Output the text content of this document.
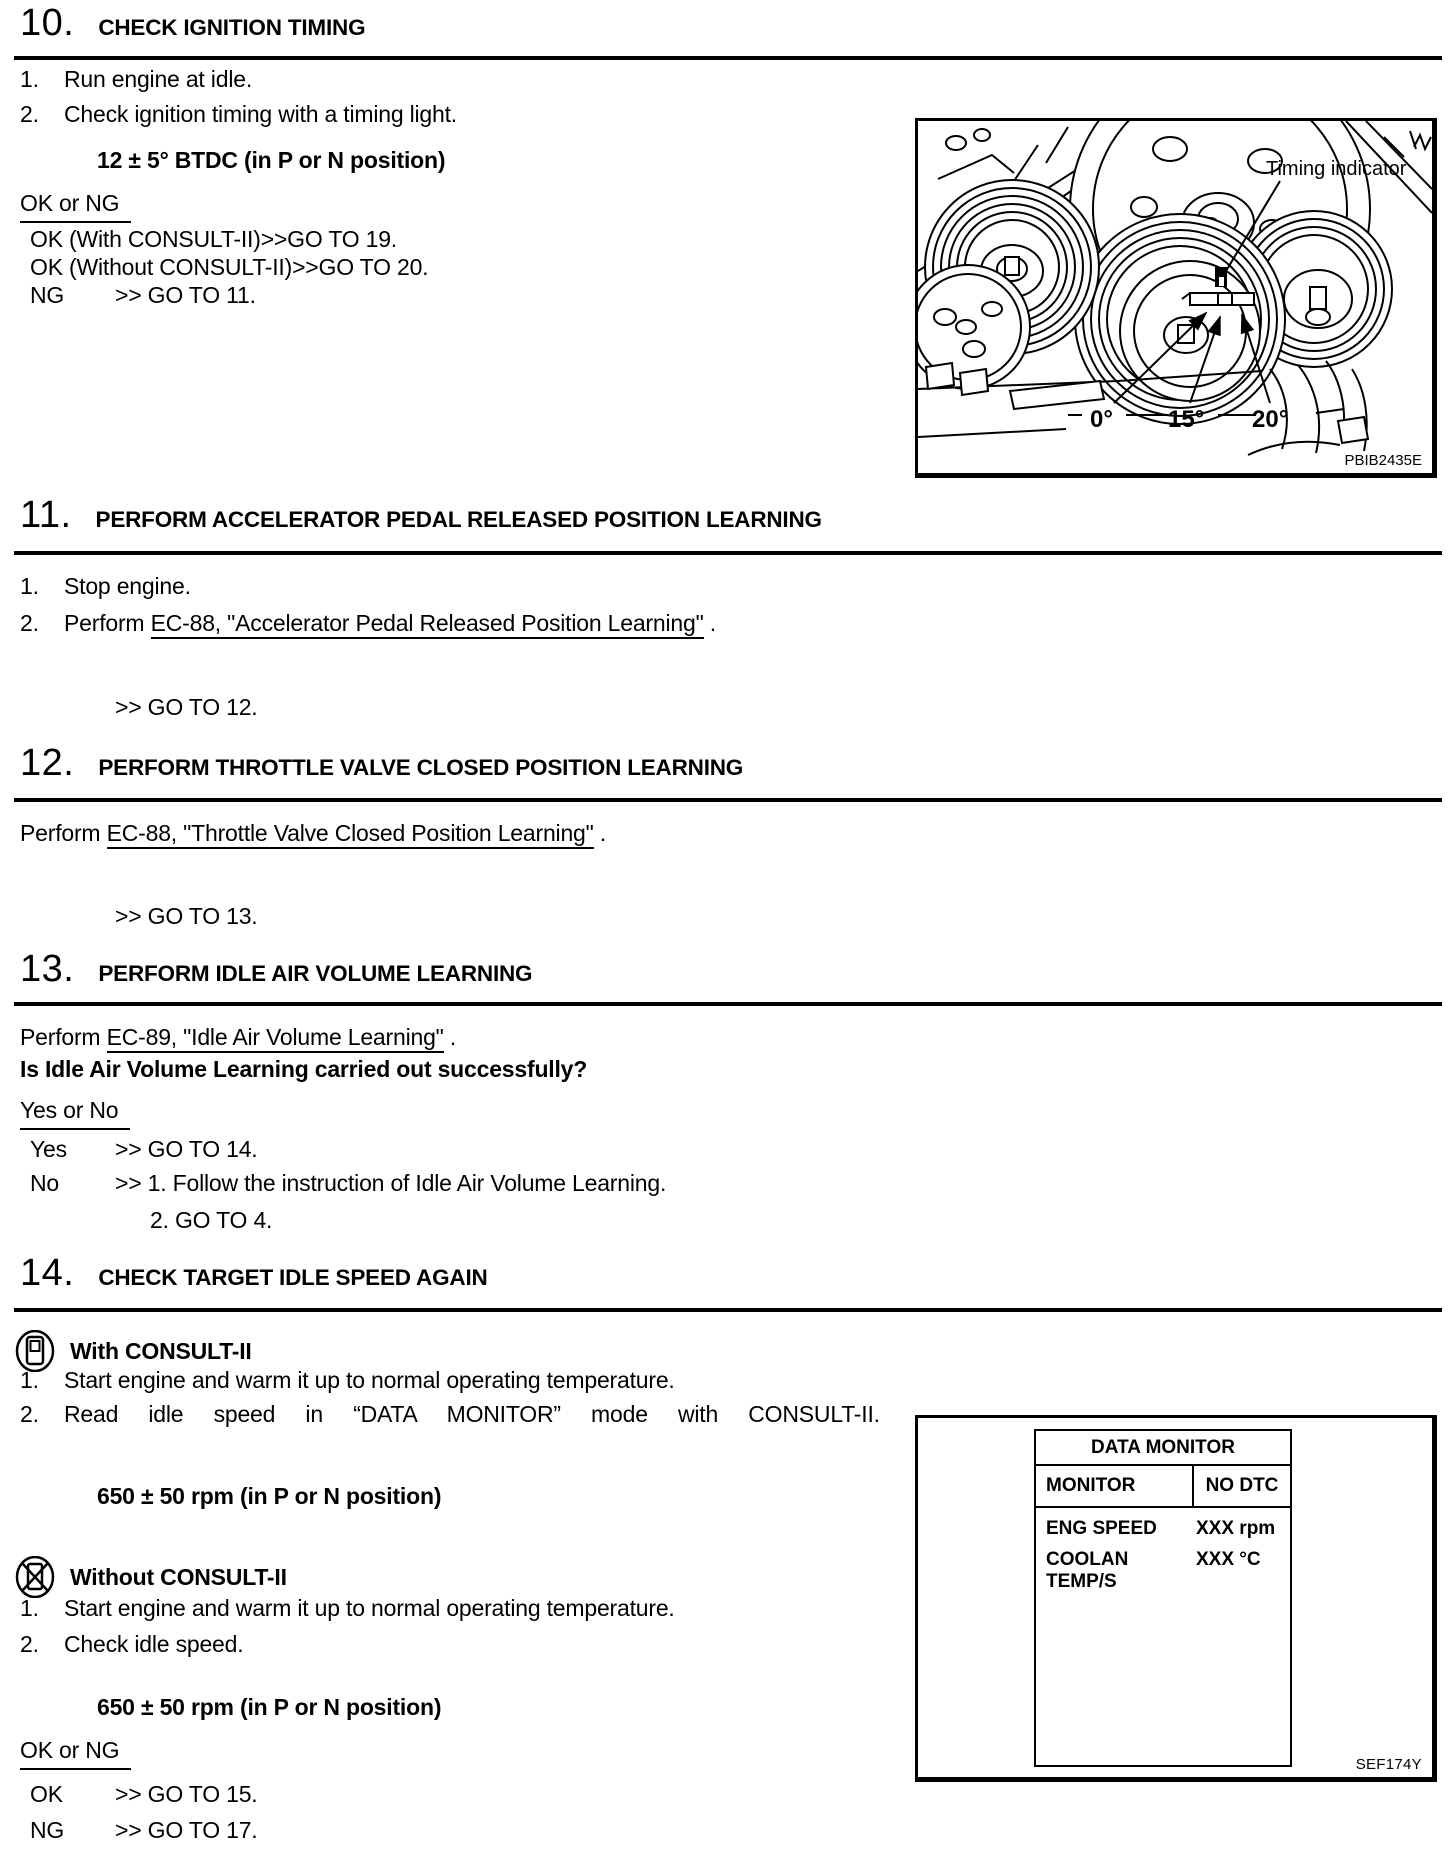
10. CHECK IGNITION TIMING
1. Run engine at idle.
2. Check ignition timing with a timing light.
12 ± 5° BTDC (in P or N position)
OK or NG
OK (With CONSULT-II)>>GO TO 19.
OK (Without CONSULT-II)>>GO TO 20.
NG >> GO TO 11.
Timing indicator
0° 15° 20°
PBIB2435E
11. PERFORM ACCELERATOR PEDAL RELEASED POSITION LEARNING
1. Stop engine.
2. Perform EC-88, "Accelerator Pedal Released Position Learning" .
>> GO TO 12.
12. PERFORM THROTTLE VALVE CLOSED POSITION LEARNING
Perform EC-88, "Throttle Valve Closed Position Learning" .
>> GO TO 13.
13. PERFORM IDLE AIR VOLUME LEARNING
Perform EC-89, "Idle Air Volume Learning" .
Is Idle Air Volume Learning carried out successfully?
Yes or No
Yes >> GO TO 14.
No >> 1. Follow the instruction of Idle Air Volume Learning.
2. GO TO 4.
14. CHECK TARGET IDLE SPEED AGAIN
With CONSULT-II
1. Start engine and warm it up to normal operating temperature.
2. Read idle speed in “DATA MONITOR” mode with CONSULT-II.
650 ± 50 rpm (in P or N position)
Without CONSULT-II
1. Start engine and warm it up to normal operating temperature.
2. Check idle speed.
650 ± 50 rpm (in P or N position)
OK or NG
OK >> GO TO 15.
NG >> GO TO 17.
DATA MONITOR
MONITOR	NO DTC
ENG SPEED	XXX rpm
COOLAN TEMP/S
XXX °C
SEF174Y
